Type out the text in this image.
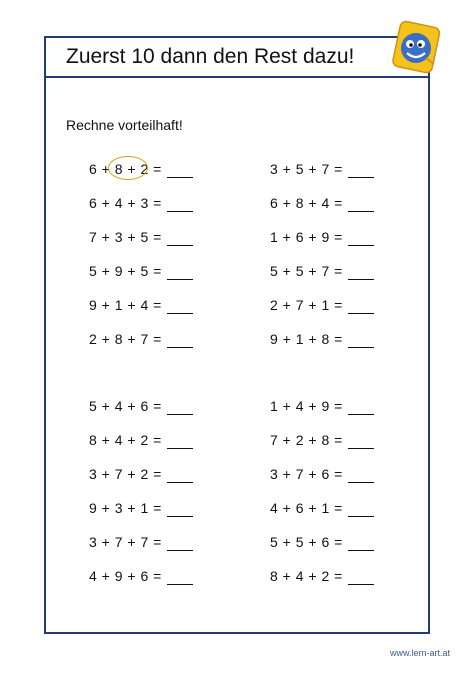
Zuerst 10 dann den Rest dazu!
Rechne vorteilhaft!
6 + 8 + 2 =
6 + 4 + 3 =
7 + 3 + 5 =
5 + 9 + 5 =
9 + 1 + 4 =
2 + 8 + 7 =
3 + 5 + 7 =
6 + 8 + 4 =
1 + 6 + 9 =
5 + 5 + 7 =
2 + 7 + 1 =
9 + 1 + 8 =
5 + 4 + 6 =
8 + 4 + 2 =
3 + 7 + 2 =
9 + 3 + 1 =
3 + 7 + 7 =
4 + 9 + 6 =
1 + 4 + 9 =
7 + 2 + 8 =
3 + 7 + 6 =
4 + 6 + 1 =
5 + 5 + 6 =
8 + 4 + 2 =
www.lern-art.at
